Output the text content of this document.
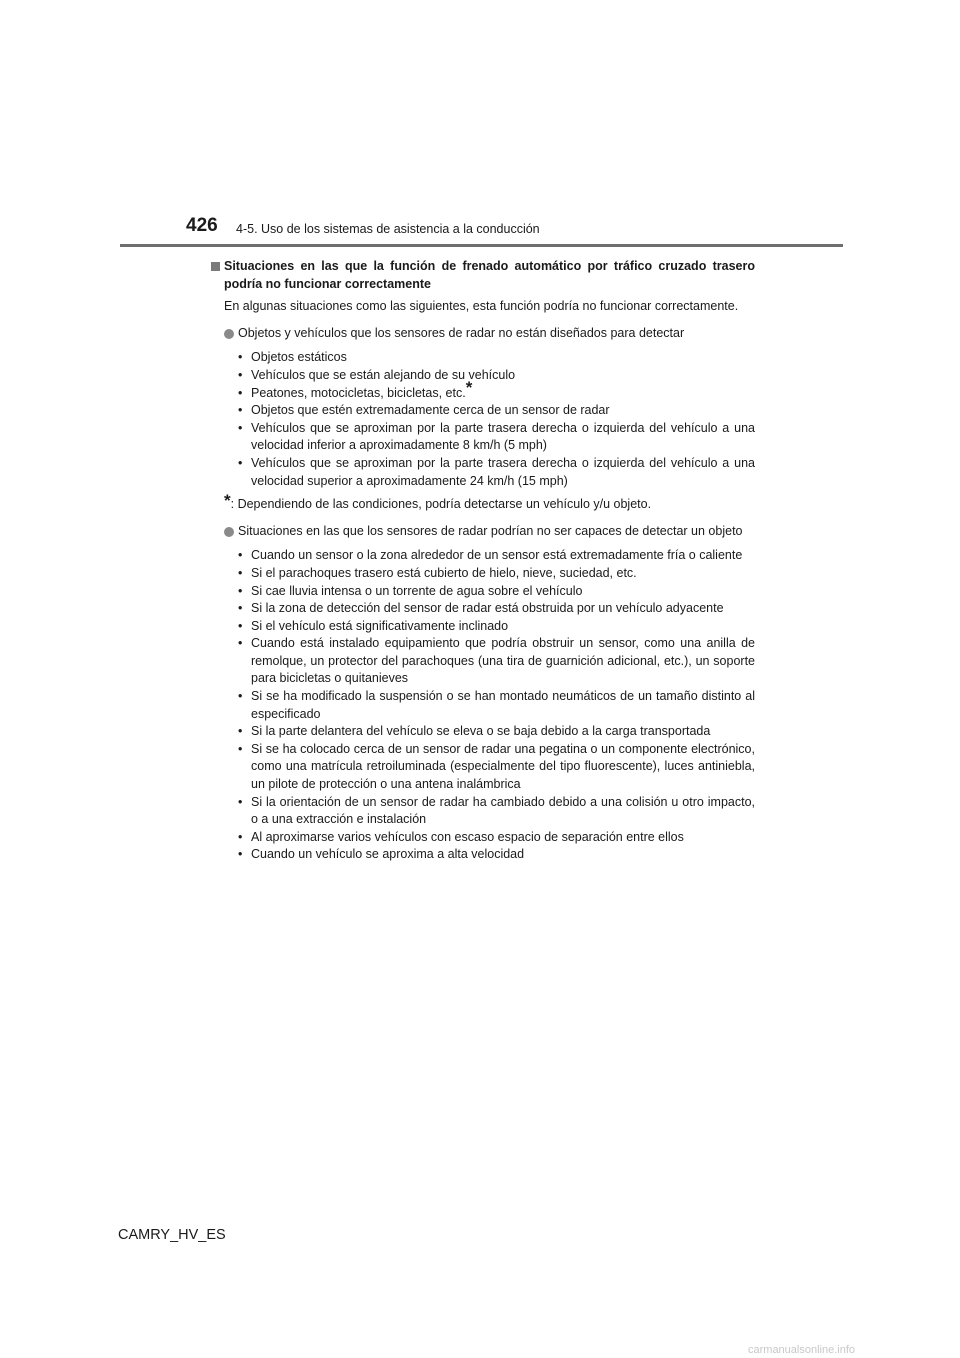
426 4-5. Uso de los sistemas de asistencia a la conducción
Situaciones en las que la función de frenado automático por tráfico cruzado trasero podría no funcionar correctamente
En algunas situaciones como las siguientes, esta función podría no funcionar correctamente.
Objetos y vehículos que los sensores de radar no están diseñados para detectar
• Objetos estáticos
• Vehículos que se están alejando de su vehículo
• Peatones, motocicletas, bicicletas, etc.*
• Objetos que estén extremadamente cerca de un sensor de radar
• Vehículos que se aproximan por la parte trasera derecha o izquierda del vehículo a una velocidad inferior a aproximadamente 8 km/h (5 mph)
• Vehículos que se aproximan por la parte trasera derecha o izquierda del vehículo a una velocidad superior a aproximadamente 24 km/h (15 mph)
*: Dependiendo de las condiciones, podría detectarse un vehículo y/u objeto.
Situaciones en las que los sensores de radar podrían no ser capaces de detectar un objeto
• Cuando un sensor o la zona alrededor de un sensor está extremadamente fría o caliente
• Si el parachoques trasero está cubierto de hielo, nieve, suciedad, etc.
• Si cae lluvia intensa o un torrente de agua sobre el vehículo
• Si la zona de detección del sensor de radar está obstruida por un vehículo adyacente
• Si el vehículo está significativamente inclinado
• Cuando está instalado equipamiento que podría obstruir un sensor, como una anilla de remolque, un protector del parachoques (una tira de guarnición adicional, etc.), un soporte para bicicletas o quitanieves
• Si se ha modificado la suspensión o se han montado neumáticos de un tamaño distinto al especificado
• Si la parte delantera del vehículo se eleva o se baja debido a la carga transportada
• Si se ha colocado cerca de un sensor de radar una pegatina o un componente electrónico, como una matrícula retroiluminada (especialmente del tipo fluorescente), luces antiniebla, un pilote de protección o una antena inalámbrica
• Si la orientación de un sensor de radar ha cambiado debido a una colisión u otro impacto, o a una extracción e instalación
• Al aproximarse varios vehículos con escaso espacio de separación entre ellos
• Cuando un vehículo se aproxima a alta velocidad
CAMRY_HV_ES
carmanualsonline.info
